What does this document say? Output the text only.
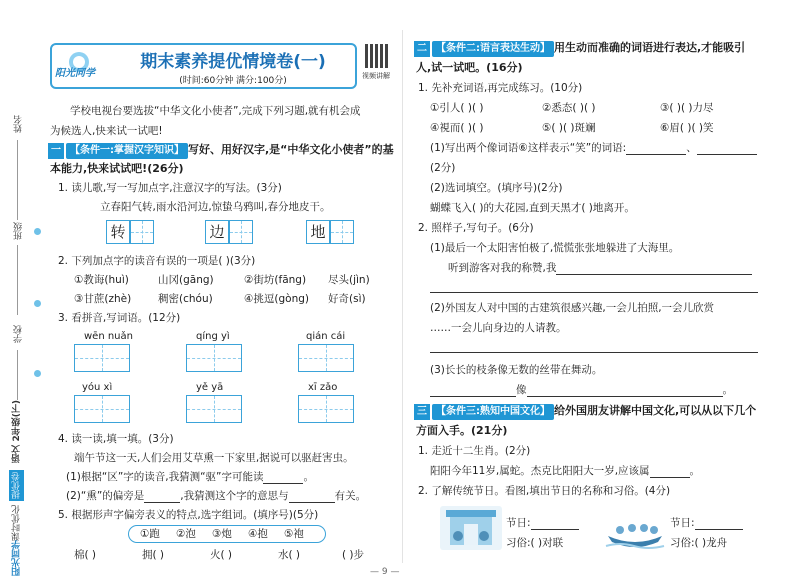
姓名
班级
学校
2年级(下)
语文
提优卷
课时优化
阳光同学
阳光同学
期末素养提优情境卷(一)
(时间:60分钟 满分:100分)	视频讲解
学校电视台要选拔“中华文化小使者”,完成下列习题,就有机会成
为候选人,快来试一试吧!
一 【条件一:掌握汉字知识】 写好、用好汉字,是“中华文化小使者”的基
本能力,快来试试吧!(26分)
1. 读儿歌,写一写加点字,注意汉字的写法。(3分)
立春阳气转,雨水沿河边,惊蛰乌鸦叫,春分地皮干。
转	边	地
2. 下列加点字的读音有误的一项是( )(3分)
①教诲(huì)	山冈(gāng)	②街坊(fāng) 尽头(jìn)
③甘蔗(zhè)	稠密(chóu)	④挑逗(gòng) 好奇(sì)
3. 看拼音,写词语。(12分)
wēn nuǎn	qíng yì	qián cái
yóu xì	yě yā	xī zǎo
4. 读一读,填一填。(3分)
端午节这一天,人们会用艾草熏一下家里,据说可以驱赶害虫。
(1)根据“区”字的读音,我猜测“驱”字可能读	。
(2)“熏”的偏旁是	,我猜测这个字的意思与	有关。
5. 根据形声字偏旁表义的特点,选字组词。(填序号)(5分)
①跑 ②泡 ③炮 ④抱 ⑤袍
棉( )	拥( )	火( )	水( )	( )步
二 【条件二:语言表达生动】 用生动而准确的词语进行表达,才能吸引
人,试一试吧。(16分)
1. 先补充词语,再完成练习。(10分)
①引人( )( )	②悉态( )( )	③( )( )力尽
④視而( )( )	⑤( )( )斑斓	⑥眉( )( )笑
(1)写出两个像词语⑥这样表示“笑”的词语:	、
(2分)
(2)选词填空。(填序号)(2分)
蝴蝶飞入( )的大花园,直到天黑才( )地离开。
2. 照样子,写句子。(6分)
(1)最后一个太阳害怕极了,慌慌张张地躲进了大海里。
听到游客对我的称赞,我
(2)外国友人对中国的古建筑很感兴趣,一会儿拍照,一会儿欣赏
……一会儿向身边的人请教。
(3)长长的枝条像无数的丝带在舞动。
像	。
三 【条件三:熟知中国文化】 给外国朋友讲解中国文化,可以从以下几个
方面入手。(21分)
1. 走近十二生肖。(2分)
阳阳今年11岁,属蛇。杰克比阳阳大一岁,应该属	。
2. 了解传统节日。看图,填出节日的名称和习俗。(4分)
节日:
习俗:( )对联
节日:
习俗:( )龙舟
— 9 —
